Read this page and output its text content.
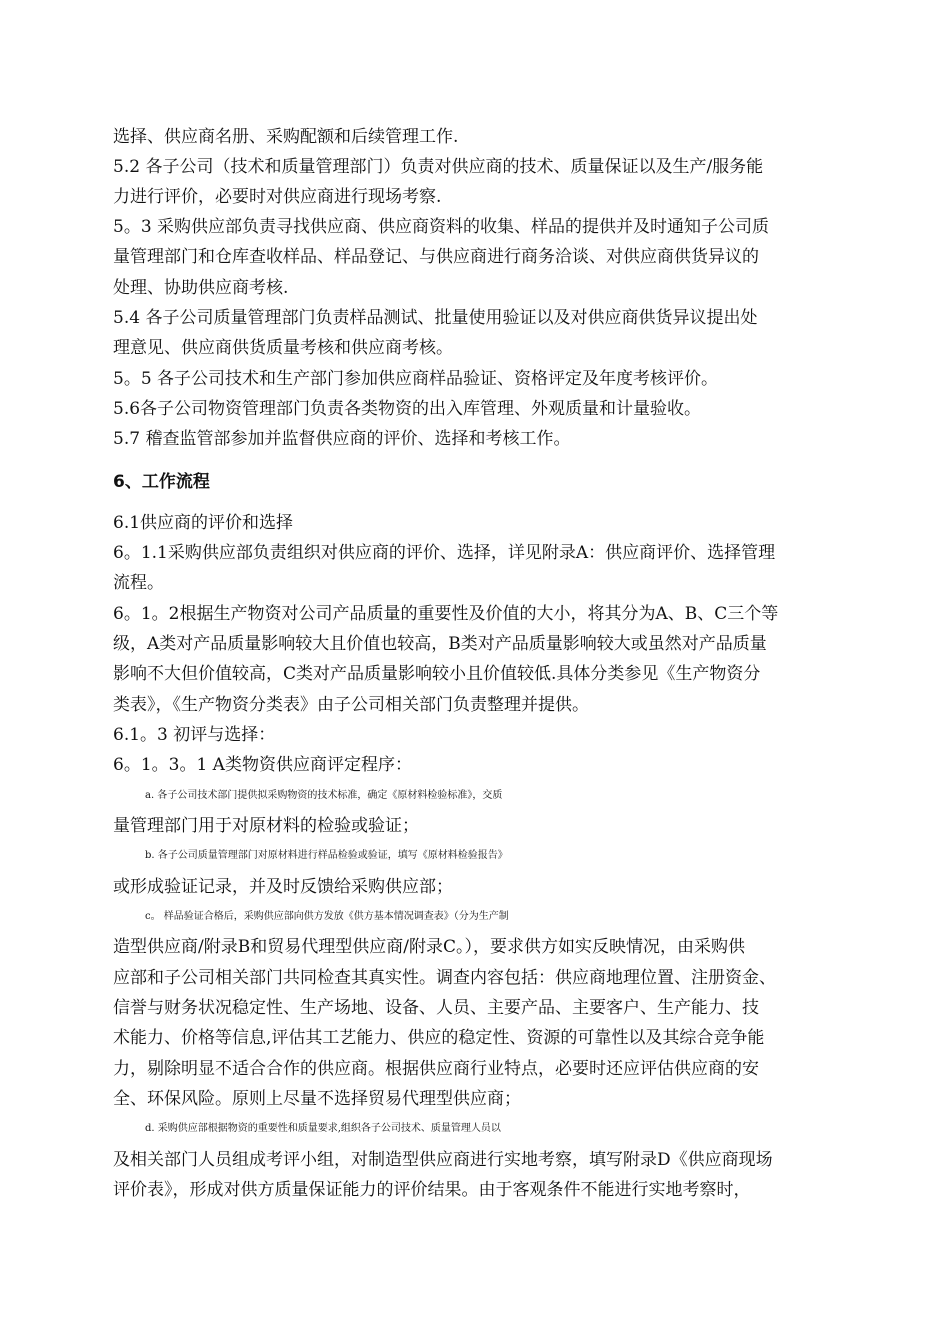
选择、供应商名册、采购配额和后续管理工作.
5.2 各子公司（技术和质量管理部门）负责对供应商的技术、质量保证以及生产/服务能
力进行评价，必要时对供应商进行现场考察.
5。3 采购供应部负责寻找供应商、供应商资料的收集、样品的提供并及时通知子公司质
量管理部门和仓库查收样品、样品登记、与供应商进行商务洽谈、对供应商供货异议的
处理、协助供应商考核.
5.4 各子公司质量管理部门负责样品测试、批量使用验证以及对供应商供货异议提出处
理意见、供应商供货质量考核和供应商考核。
5。5 各子公司技术和生产部门参加供应商样品验证、资格评定及年度考核评价。
5.6各子公司物资管理部门负责各类物资的出入库管理、外观质量和计量验收。
5.7 稽查监管部参加并监督供应商的评价、选择和考核工作。
6、工作流程
6.1供应商的评价和选择
6。1.1采购供应部负责组织对供应商的评价、选择，详见附录A：供应商评价、选择管理
流程。
6。1。2根据生产物资对公司产品质量的重要性及价值的大小，将其分为A、B、C三个等
级，A类对产品质量影响较大且价值也较高，B类对产品质量影响较大或虽然对产品质量
影响不大但价值较高，C类对产品质量影响较小且价值较低.具体分类参见《生产物资分
类表》，《生产物资分类表》由子公司相关部门负责整理并提供。
6.1。3 初评与选择：
6。1。3。1 A类物资供应商评定程序：
a. 各子公司技术部门提供拟采购物资的技术标准，确定《原材料检验标准》，交质
量管理部门用于对原材料的检验或验证；
b. 各子公司质量管理部门对原材料进行样品检验或验证，填写《原材料检验报告》
或形成验证记录，并及时反馈给采购供应部；
c。 样品验证合格后，采购供应部向供方发放《供方基本情况调查表》（分为生产制
造型供应商/附录B和贸易代理型供应商/附录C。），要求供方如实反映情况，由采购供
应部和子公司相关部门共同检查其真实性。调查内容包括：供应商地理位置、注册资金、
信誉与财务状况稳定性、生产场地、设备、人员、主要产品、主要客户、生产能力、技
术能力、价格等信息,评估其工艺能力、供应的稳定性、资源的可靠性以及其综合竞争能
力，剔除明显不适合合作的供应商。根据供应商行业特点，必要时还应评估供应商的安
全、环保风险。原则上尽量不选择贸易代理型供应商；
d. 采购供应部根据物资的重要性和质量要求,组织各子公司技术、质量管理人员以
及相关部门人员组成考评小组，对制造型供应商进行实地考察，填写附录D《供应商现场
评价表》，形成对供方质量保证能力的评价结果。由于客观条件不能进行实地考察时，
